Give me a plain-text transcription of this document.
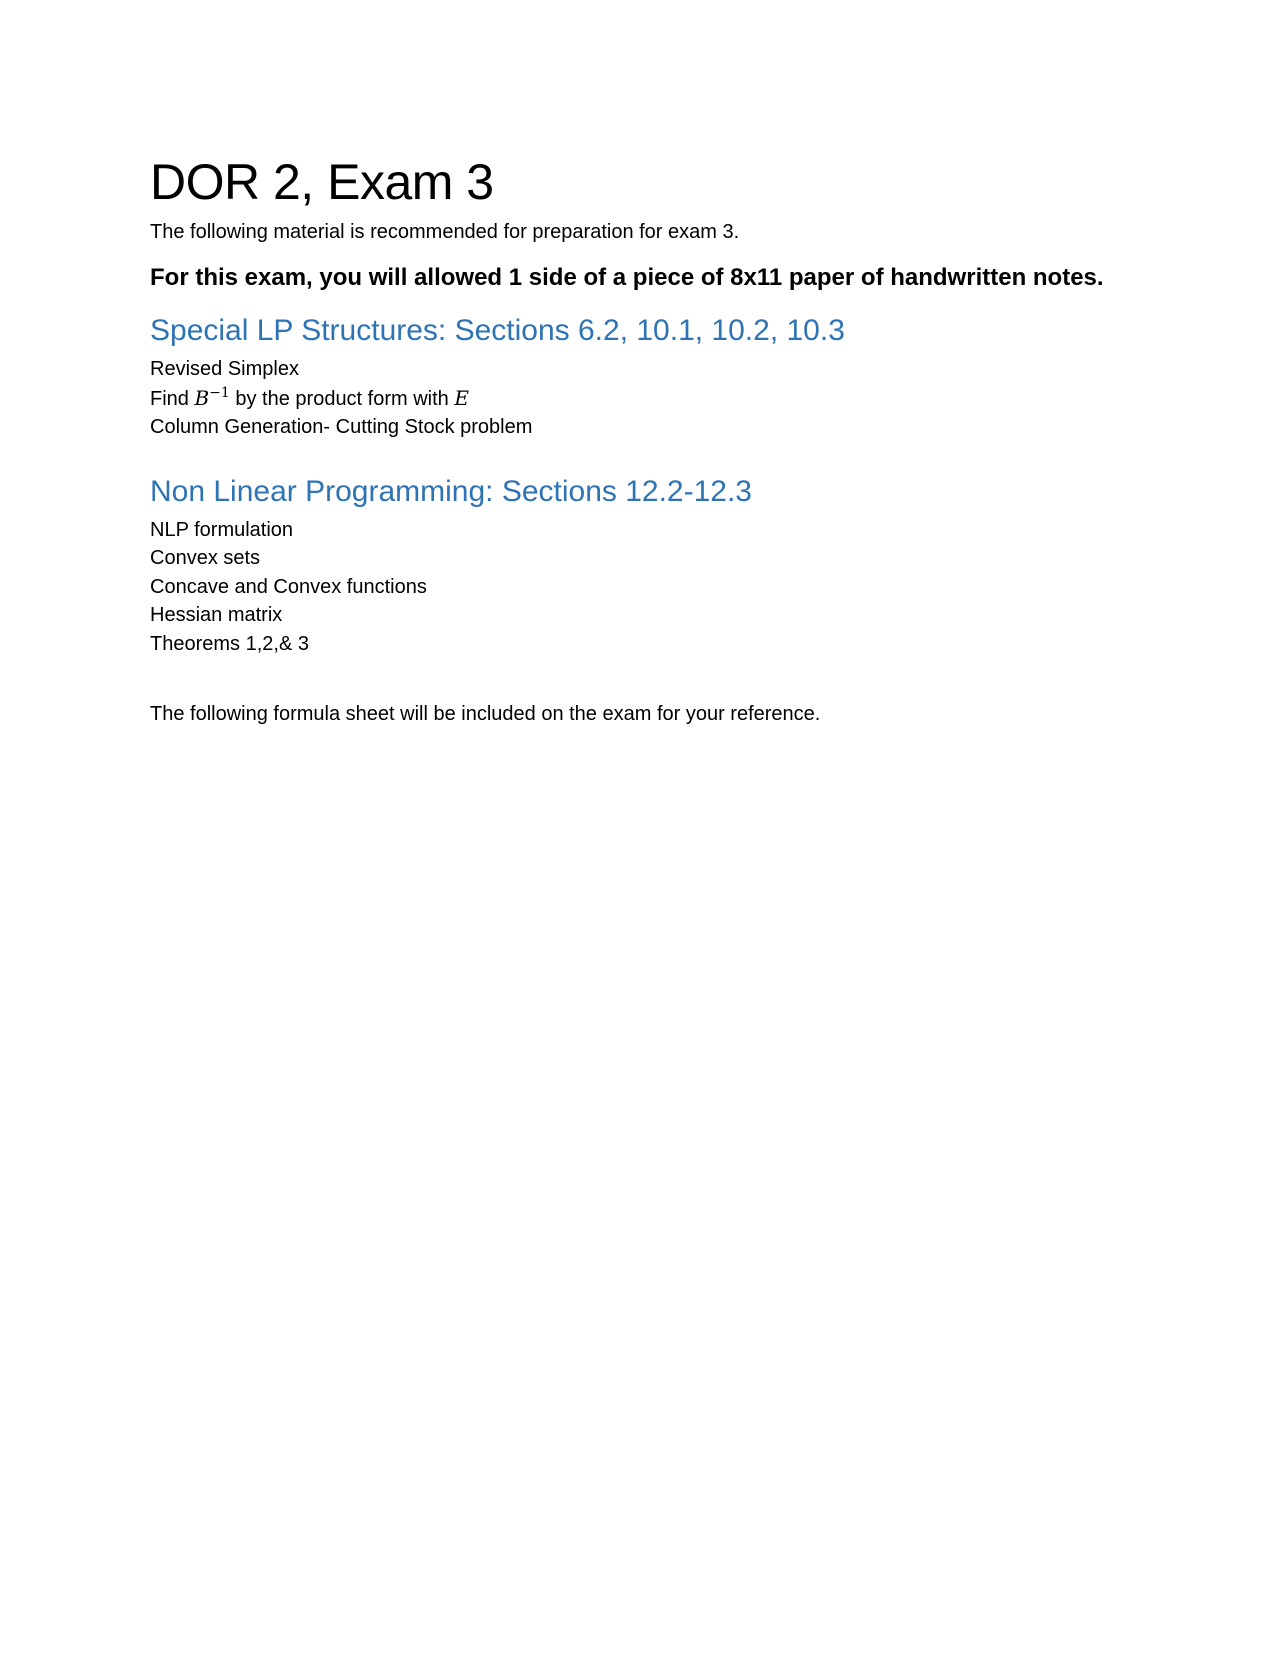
DOR 2, Exam 3

The following material is recommended for preparation for exam 3.

For this exam, you will allowed 1 side of a piece of 8x11 paper of handwritten notes.

Special LP Structures: Sections 6.2, 10.1, 10.2, 10.3
Revised Simplex
Find $B^{-1}$ by the product form with E
Column Generation- Cutting Stock problem
Non Linear Programming: Sections 12.2-12.3
NLP formulation
Convex sets
Concave and Convex functions
Hessian matrix
Theorems 1,2,& 3

The following formula sheet will be included on the exam for your reference.
